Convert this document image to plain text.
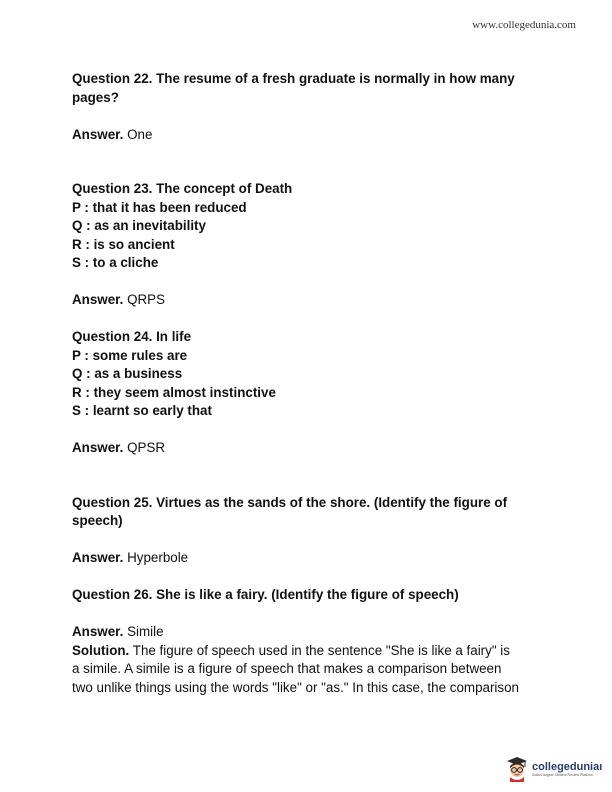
www.collegedunia.com

Question 22. The resume of a fresh graduate is normally in how many
pages?

Answer. One

Question 23. The concept of Death

P : that it has been reduced

Q : as an inevitability

R : is so ancient

S : to a cliche

Answer. QRPS

Question 24. In life

P : some rules are

Q : as a business

R : they seem almost instinctive

S : learnt so early that

Answer. QPSR

Question 25. Virtues as the sands of the shore. (Identify the figure of
speech)

Answer. Hyperbole

Question 26. She is like a fairy. (Identify the figure of speech)

Answer. Simile

Solution. The figure of speech used in the sentence "She is like a fairy" is
a simile. A simile is a figure of speech that makes a comparison between
two unlike things using the words "like" or "as." In this case, the comparison

collegeduniaı
India's largest Student Review Platform
